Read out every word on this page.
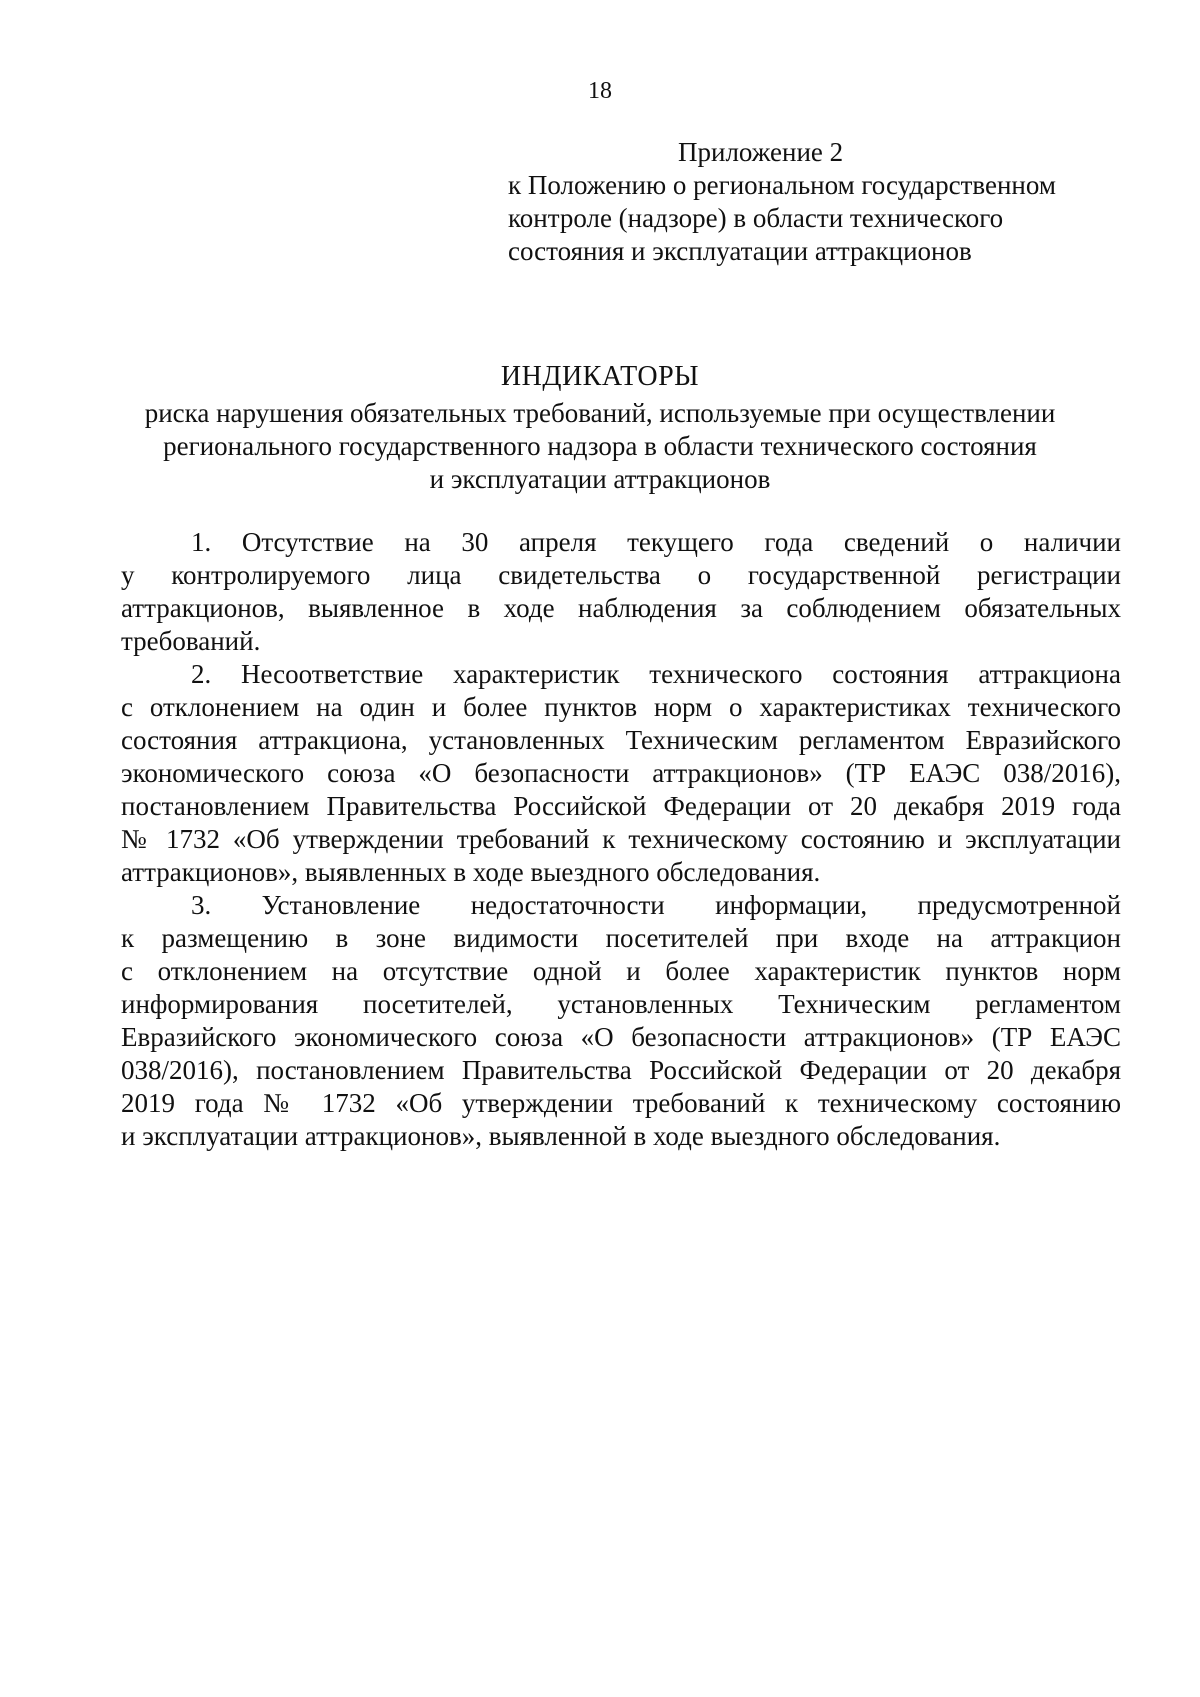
18
Приложение 2
к Положению о региональном государственном
контроле (надзоре) в области технического
состояния и эксплуатации аттракционов
ИНДИКАТОРЫ
риска нарушения обязательных требований, используемые при осуществлении
регионального государственного надзора в области технического состояния
и эксплуатации аттракционов
1. Отсутствие на 30 апреля текущего года сведений о наличии
у контролируемого лица свидетельства о государственной регистрации
аттракционов, выявленное в ходе наблюдения за соблюдением обязательных
требований.
2. Несоответствие характеристик технического состояния аттракциона
с отклонением на один и более пунктов норм о характеристиках технического
состояния аттракциона, установленных Техническим регламентом Евразийского
экономического союза «О безопасности аттракционов» (ТР ЕАЭС 038/2016),
постановлением Правительства Российской Федерации от 20 декабря 2019 года
№ 1732 «Об утверждении требований к техническому состоянию и эксплуатации
аттракционов», выявленных в ходе выездного обследования.
3. Установление недостаточности информации, предусмотренной
к размещению в зоне видимости посетителей при входе на аттракцион
с отклонением на отсутствие одной и более характеристик пунктов норм
информирования посетителей, установленных Техническим регламентом
Евразийского экономического союза «О безопасности аттракционов» (ТР ЕАЭС
038/2016), постановлением Правительства Российской Федерации от 20 декабря
2019 года № 1732 «Об утверждении требований к техническому состоянию
и эксплуатации аттракционов», выявленной в ходе выездного обследования.
